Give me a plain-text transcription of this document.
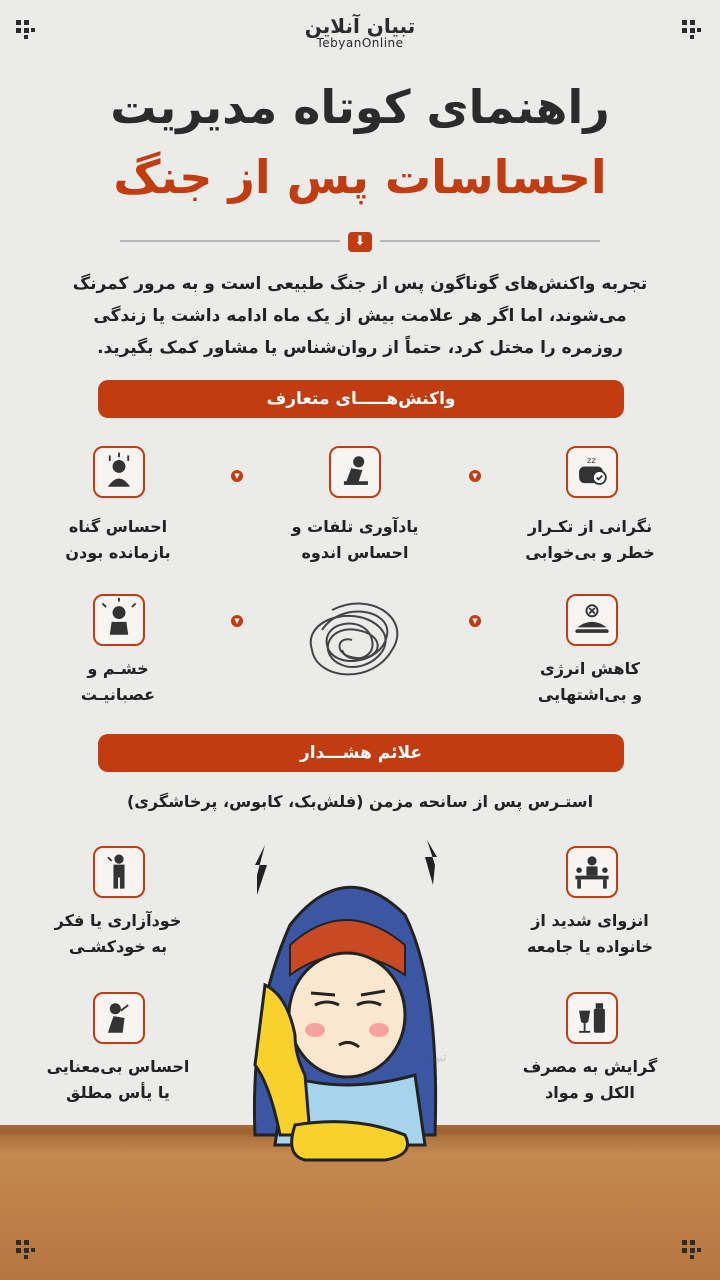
تبیان آنلاین
TebyanOnline
راهنمای کوتاه مدیریت
احساسات پس از جنگ
⬇
تجربه واکنش‌های گوناگون پس از جنگ طبیعی است و به مرور کمرنگ می‌شوند، اما اگر هر علامت بیش از یک ماه ادامه داشت یا زندگی روزمره را مختل کرد، حتماً از روان‌شناس یا مشاور کمک بگیرید.
واکنش‌هـــــای متعارف
zz
▼
▼
نگرانی از تکـرار
خطر و بی‌خوابی
یادآوری تلفات و
احساس اندوه
احساس گناه
بازمانده بودن
▼
▼
کاهش انرژی
و بی‌اشتهایی
خشـم و
عصبانیـت
علائم هشـــدار
استـرس پس از سانحه مزمن (فلش‌بک، کابوس، پرخاشگری)
انزوای شدید از
خانواده یا جامعه
خودآزاری یا فکر
به خودکشـی
گرایش به مصرف
الکل و مواد
احساس بی‌معنایی
یا یأس مطلق
تبیان
